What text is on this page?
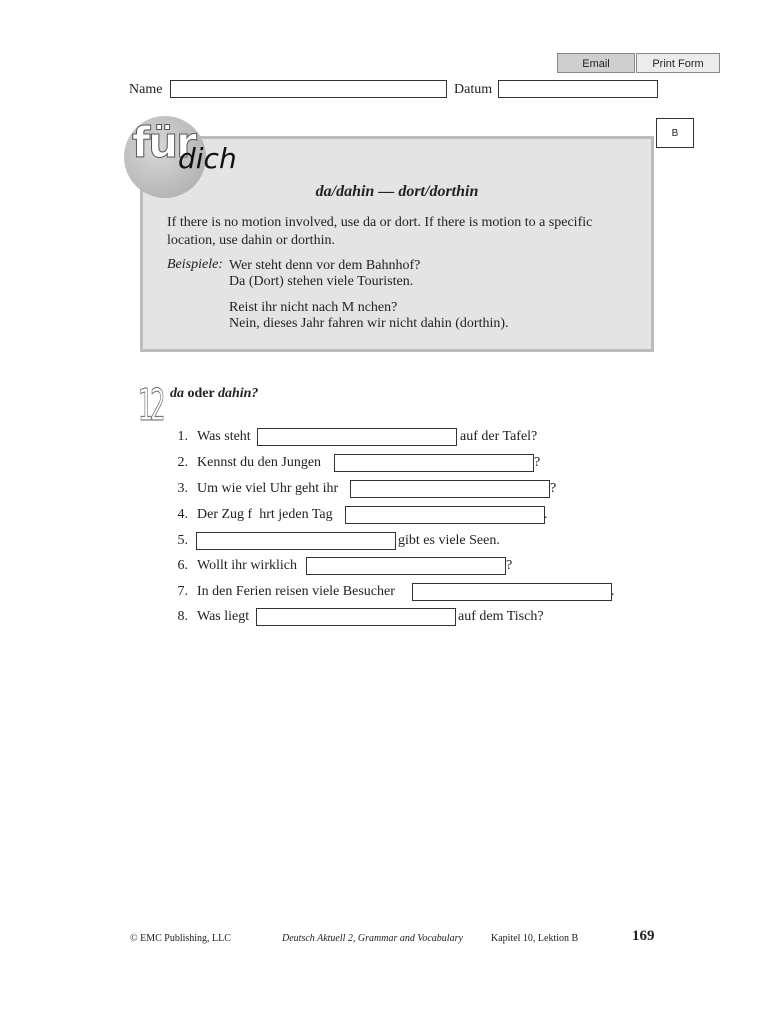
Email	Print Form
Name	Datum
B
für
dich
da/dahin — dort/dorthin
If there is no motion involved, use da or dort. If there is motion to a specific
location, use dahin or dorthin.
Beispiele: Wer steht denn vor dem Bahnhof?
Da (Dort) stehen viele Touristen.
Reist ihr nicht nach M nchen?
Nein, dieses Jahr fahren wir nicht dahin (dorthin).
12 da oder dahin?
1. Was steht	auf der Tafel?
2. Kennst du den Jungen	?
3. Um wie viel Uhr geht ihr	?
4. Der Zug f  hrt jeden Tag	.
5.	gibt es viele Seen.
6. Wollt ihr wirklich	?
7. In den Ferien reisen viele Besucher	.
8. Was liegt	auf dem Tisch?
© EMC Publishing, LLC	Deutsch Aktuell 2, Grammar and Vocabulary	Kapitel 10, Lektion B	169
